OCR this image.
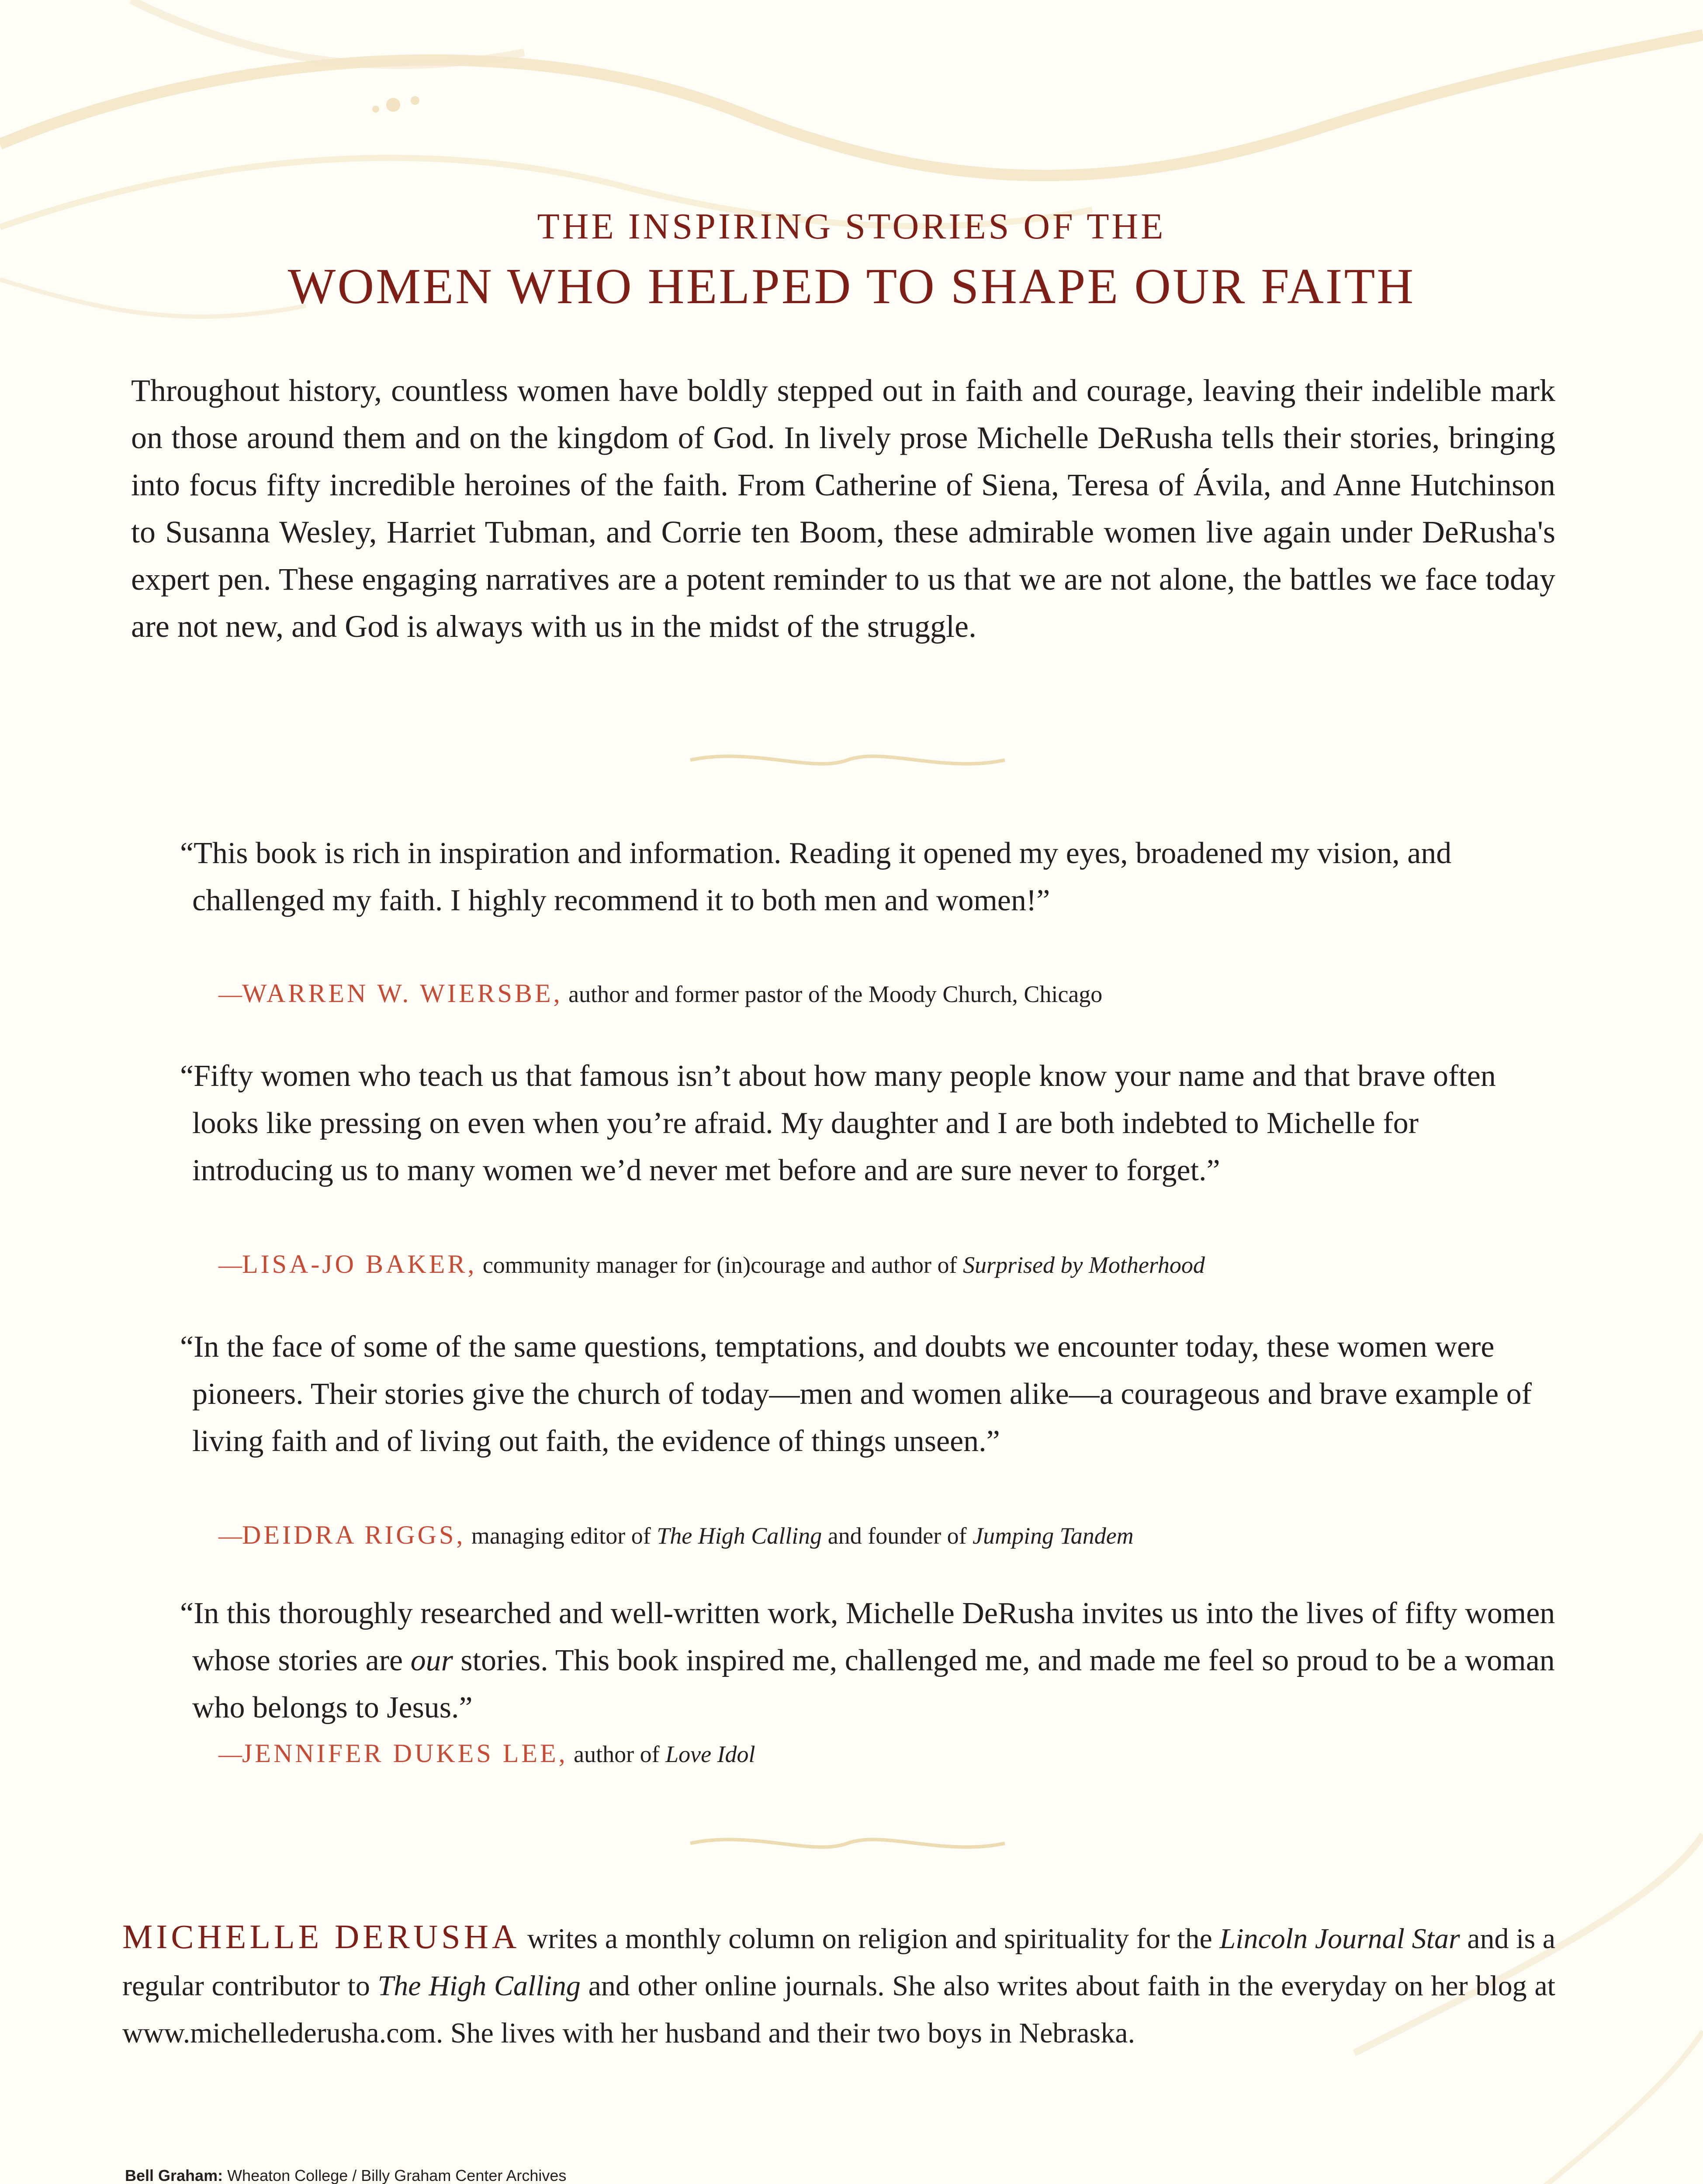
THE INSPIRING STORIES OF THE
WOMEN WHO HELPED TO SHAPE OUR FAITH

Throughout history, countless women have boldly stepped out in faith and courage, leaving their indelible mark on those around them and on the kingdom of God. In lively prose Michelle DeRusha tells their stories, bringing into focus fifty incredible heroines of the faith. From Catherine of Siena, Teresa of Ávila, and Anne Hutchinson to Susanna Wesley, Harriet Tubman, and Corrie ten Boom, these admirable women live again under DeRusha's expert pen. These engaging narratives are a potent reminder to us that we are not alone, the battles we face today are not new, and God is always with us in the midst of the struggle.

“This book is rich in inspiration and information. Reading it opened my eyes, broadened my vision, and challenged my faith. I highly recommend it to both men and women!”

—WARREN W. WIERSBE, author and former pastor of the Moody Church, Chicago

“Fifty women who teach us that famous isn’t about how many people know your name and that brave often looks like pressing on even when you’re afraid. My daughter and I are both indebted to Michelle for introducing us to many women we’d never met before and are sure never to forget.”

—LISA-JO BAKER, community manager for (in)courage and author of Surprised by Motherhood

“In the face of some of the same questions, temptations, and doubts we encounter today, these women were pioneers. Their stories give the church of today—men and women alike—a courageous and brave example of living faith and of living out faith, the evidence of things unseen.”

—DEIDRA RIGGS, managing editor of The High Calling and founder of Jumping Tandem

“In this thoroughly researched and well-written work, Michelle DeRusha invites us into the lives of fifty women whose stories are our stories. This book inspired me, challenged me, and made me feel so proud to be a woman who belongs to Jesus.”

—JENNIFER DUKES LEE, author of Love Idol

MICHELLE DERUSHA writes a monthly column on religion and spirituality for the Lincoln Journal Star and is a regular contributor to The High Calling and other online journals. She also writes about faith in the everyday on her blog at www.michellederusha.com. She lives with her husband and their two boys in Nebraska.

Bell Graham: Wheaton College / Billy Graham Center Archives
